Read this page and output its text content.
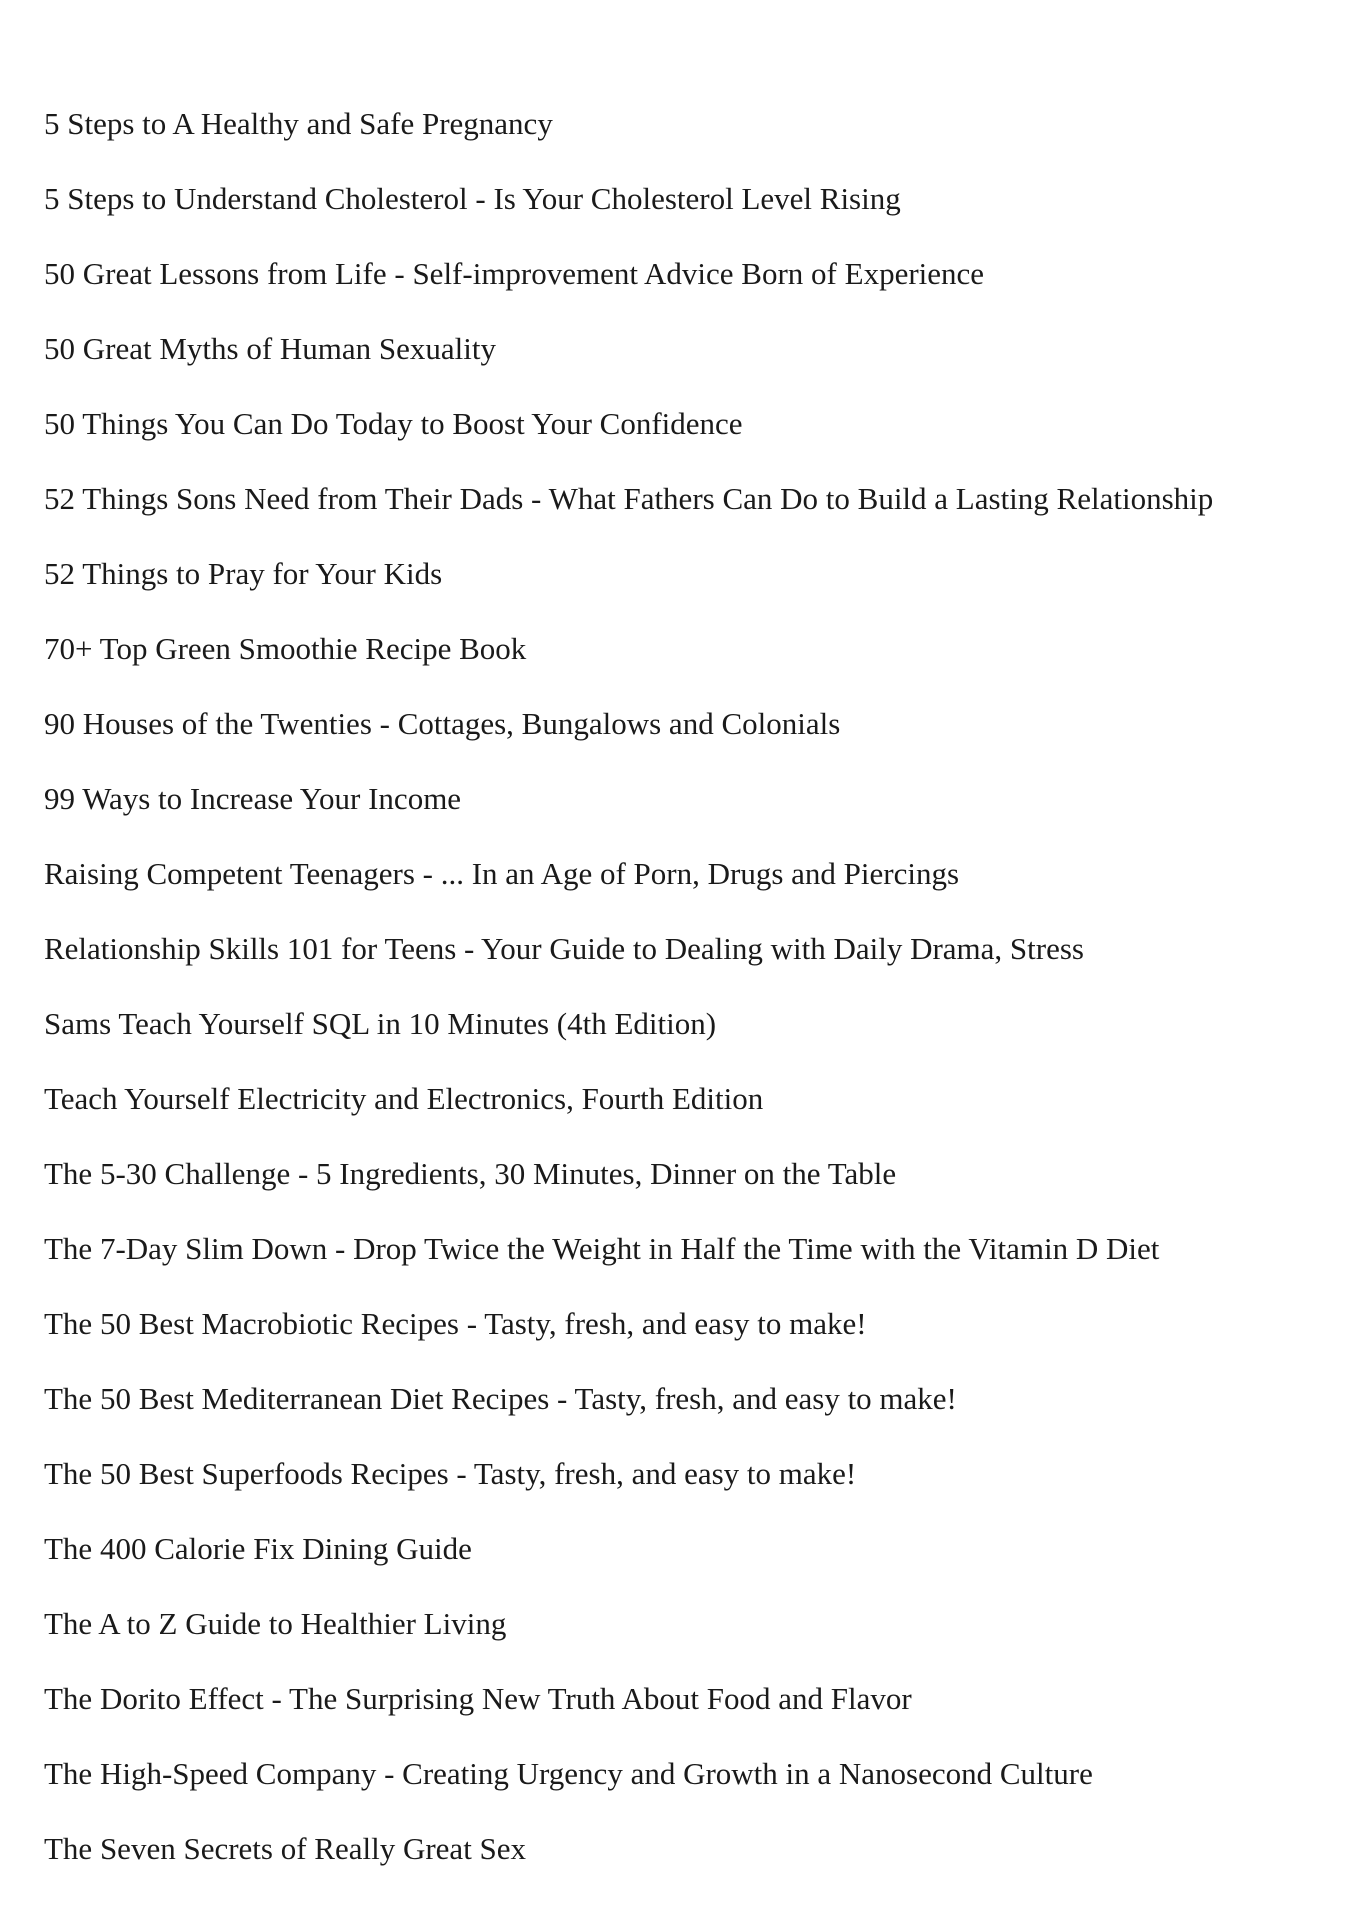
5 Steps to A Healthy and Safe Pregnancy
5 Steps to Understand Cholesterol - Is Your Cholesterol Level Rising
50 Great Lessons from Life - Self-improvement Advice Born of Experience
50 Great Myths of Human Sexuality
50 Things You Can Do Today to Boost Your Confidence
52 Things Sons Need from Their Dads - What Fathers Can Do to Build a Lasting Relationship
52 Things to Pray for Your Kids
70+ Top Green Smoothie Recipe Book
90 Houses of the Twenties - Cottages, Bungalows and Colonials
99 Ways to Increase Your Income
Raising Competent Teenagers - ... In an Age of Porn, Drugs and Piercings
Relationship Skills 101 for Teens - Your Guide to Dealing with Daily Drama, Stress
Sams Teach Yourself SQL in 10 Minutes (4th Edition)
Teach Yourself Electricity and Electronics, Fourth Edition
The 5-30 Challenge - 5 Ingredients, 30 Minutes, Dinner on the Table
The 7-Day Slim Down - Drop Twice the Weight in Half the Time with the Vitamin D Diet
The 50 Best Macrobiotic Recipes - Tasty, fresh, and easy to make!
The 50 Best Mediterranean Diet Recipes - Tasty, fresh, and easy to make!
The 50 Best Superfoods Recipes - Tasty, fresh, and easy to make!
The 400 Calorie Fix Dining Guide
The A to Z Guide to Healthier Living
The Dorito Effect - The Surprising New Truth About Food and Flavor
The High-Speed Company - Creating Urgency and Growth in a Nanosecond Culture
The Seven Secrets of Really Great Sex
